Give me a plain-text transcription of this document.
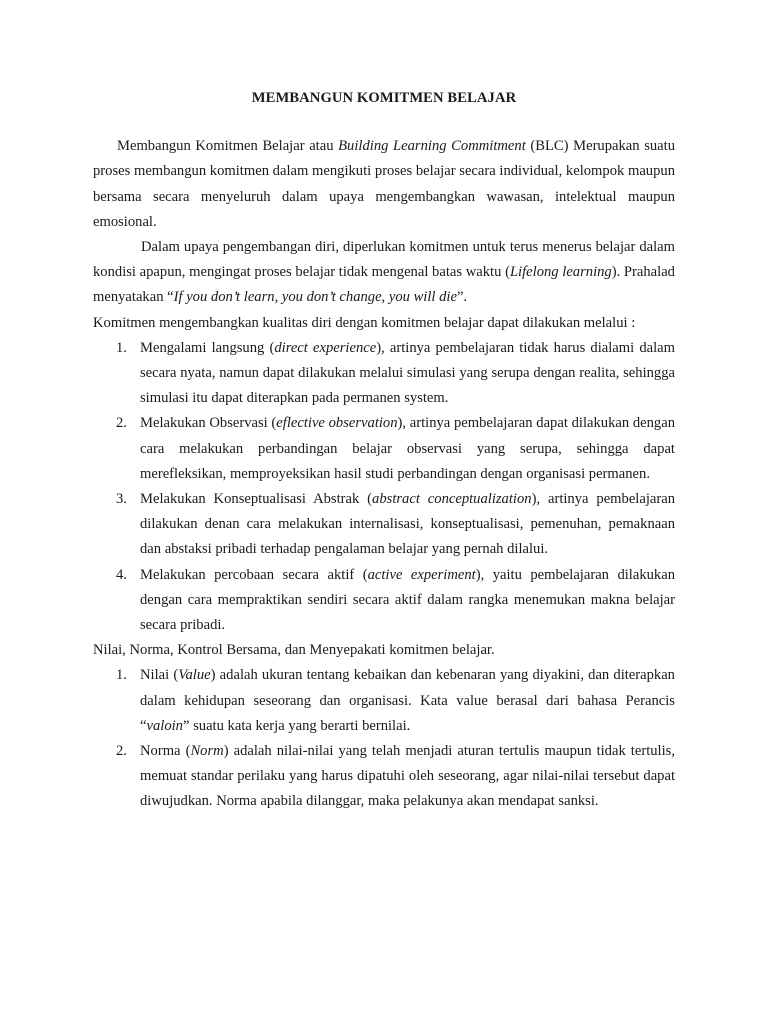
MEMBANGUN KOMITMEN BELAJAR

Membangun Komitmen Belajar atau Building Learning Commitment (BLC) Merupakan suatu proses membangun komitmen dalam mengikuti proses belajar secara individual, kelompok maupun bersama secara menyeluruh dalam upaya mengembangkan wawasan, intelektual maupun emosional.

Dalam upaya pengembangan diri, diperlukan komitmen untuk terus menerus belajar dalam kondisi apapun, mengingat proses belajar tidak mengenal batas waktu (Lifelong learning). Prahalad menyatakan “If you don’t learn, you don’t change, you will die”.

Komitmen mengembangkan kualitas diri dengan komitmen belajar dapat dilakukan melalui :

1. Mengalami langsung (direct experience), artinya pembelajaran tidak harus dialami dalam secara nyata, namun dapat dilakukan melalui simulasi yang serupa dengan realita, sehingga simulasi itu dapat diterapkan pada permanen system.
2. Melakukan Observasi (eflective observation), artinya pembelajaran dapat dilakukan dengan cara melakukan perbandingan belajar observasi yang serupa, sehingga dapat merefleksikan, memproyeksikan hasil studi perbandingan dengan organisasi permanen.
3. Melakukan Konseptualisasi Abstrak (abstract conceptualization), artinya pembelajaran dilakukan denan cara melakukan internalisasi, konseptualisasi, pemenuhan, pemaknaan dan abstaksi pribadi terhadap pengalaman belajar yang pernah dilalui.
4. Melakukan percobaan secara aktif (active experiment), yaitu pembelajaran dilakukan dengan cara mempraktikan sendiri secara aktif dalam rangka menemukan makna belajar secara pribadi.

Nilai, Norma, Kontrol Bersama, dan Menyepakati komitmen belajar.

1. Nilai (Value) adalah ukuran tentang kebaikan dan kebenaran yang diyakini, dan diterapkan dalam kehidupan seseorang dan organisasi. Kata value berasal dari bahasa Perancis “valoin” suatu kata kerja yang berarti bernilai.
2. Norma (Norm) adalah nilai-nilai yang telah menjadi aturan tertulis maupun tidak tertulis, memuat standar perilaku yang harus dipatuhi oleh seseorang, agar nilai-nilai tersebut dapat diwujudkan. Norma apabila dilanggar, maka pelakunya akan mendapat sanksi.
